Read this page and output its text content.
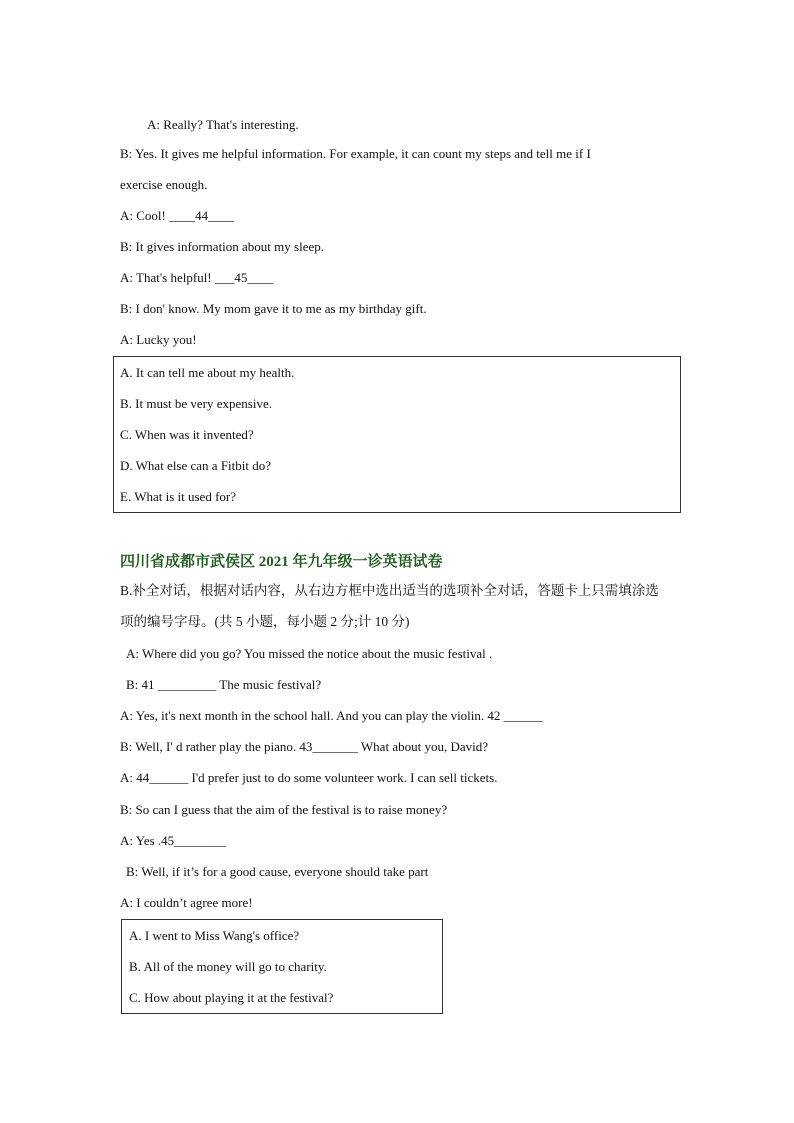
A: Really? That's interesting.
B: Yes. It gives me helpful information. For example, it can count my steps and tell me if I
exercise enough.
A: Cool! ____44____
B: It gives information about my sleep.
A: That's helpful! ___45____
B: I don' know. My mom gave it to me as my birthday gift.
A: Lucky you!
A. It can tell me about my health.
B. It must be very expensive.
C. When was it invented?
D. What else can a Fitbit do?
E. What is it used for?
四川省成都市武侯区 2021 年九年级一诊英语试卷
B.补全对话，根据对话内容，从右边方框中选出适当的选项补全对话，答题卡上只需填涂选
项的编号字母。(共 5 小题，每小题 2 分;计 10 分)
A: Where did you go? You missed the notice about the music festival .
B: 41 _________ The music festival?
A: Yes, it's next month in the school hall. And you can play the violin. 42 ______
B: Well, I' d rather play the piano. 43_______ What about you, David?
A: 44______ I'd prefer just to do some volunteer work. I can sell tickets.
B: So can I guess that the aim of the festival is to raise money?
A: Yes .45________
B: Well, if it’s for a good cause, everyone should take part
A: I couldn’t agree more!
A. I went to Miss Wang's office?
B. All of the money will go to charity.
C. How about playing it at the festival?
